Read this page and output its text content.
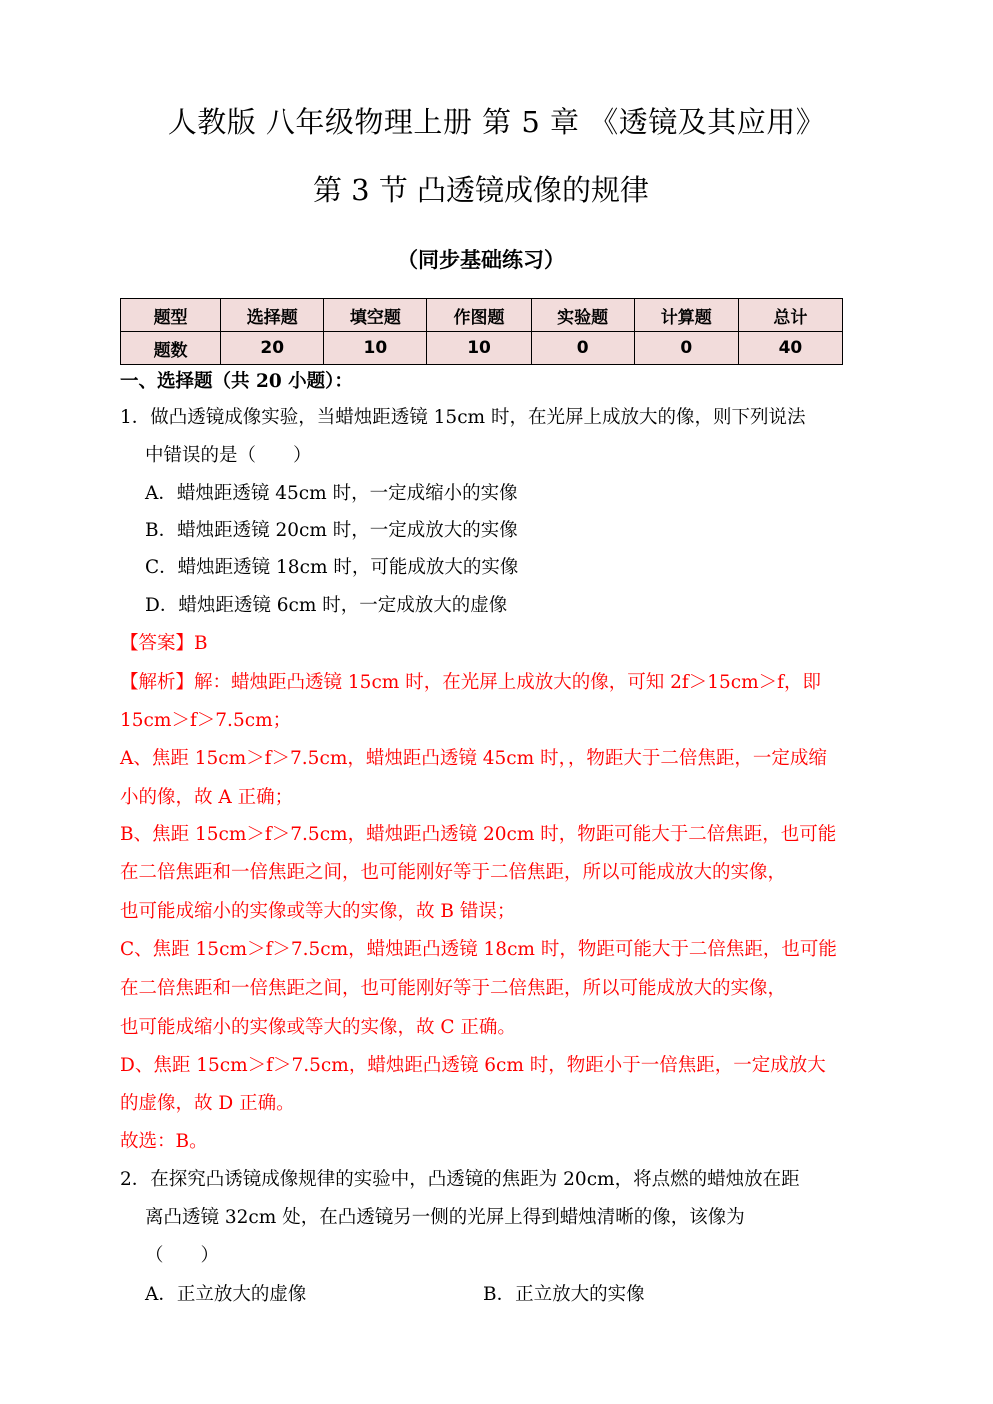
人教版 八年级物理上册 第 5 章 《透镜及其应用》
第 3 节 凸透镜成像的规律
（同步基础练习）
题型	选择题	填空题	作图题	实验题	计算题	总计
题数	20	10	10	0	0	40
一、选择题（共 20 小题）：
1．做凸透镜成像实验，当蜡烛距透镜 15cm 时，在光屏上成放大的像，则下列说法
中错误的是（　　）
A．蜡烛距透镜 45cm 时，一定成缩小的实像
B．蜡烛距透镜 20cm 时，一定成放大的实像
C．蜡烛距透镜 18cm 时，可能成放大的实像
D．蜡烛距透镜 6cm 时，一定成放大的虚像
【答案】B
【解析】解：蜡烛距凸透镜 15cm 时，在光屏上成放大的像，可知 2f＞15cm＞f，即
15cm＞f＞7.5cm；
A、焦距 15cm＞f＞7.5cm，蜡烛距凸透镜 45cm 时，，物距大于二倍焦距，一定成缩
小的像，故 A 正确；
B、焦距 15cm＞f＞7.5cm，蜡烛距凸透镜 20cm 时，物距可能大于二倍焦距，也可能
在二倍焦距和一倍焦距之间，也可能刚好等于二倍焦距，所以可能成放大的实像，
也可能成缩小的实像或等大的实像，故 B 错误；
C、焦距 15cm＞f＞7.5cm，蜡烛距凸透镜 18cm 时，物距可能大于二倍焦距，也可能
在二倍焦距和一倍焦距之间，也可能刚好等于二倍焦距，所以可能成放大的实像，
也可能成缩小的实像或等大的实像，故 C 正确。
D、焦距 15cm＞f＞7.5cm，蜡烛距凸透镜 6cm 时，物距小于一倍焦距，一定成放大
的虚像，故 D 正确。
故选：B。
2．在探究凸诱镜成像规律的实验中，凸透镜的焦距为 20cm，将点燃的蜡烛放在距
离凸透镜 32cm 处，在凸透镜另一侧的光屏上得到蜡烛清晰的像，该像为
（　　）
A．正立放大的虚像	B．正立放大的实像
